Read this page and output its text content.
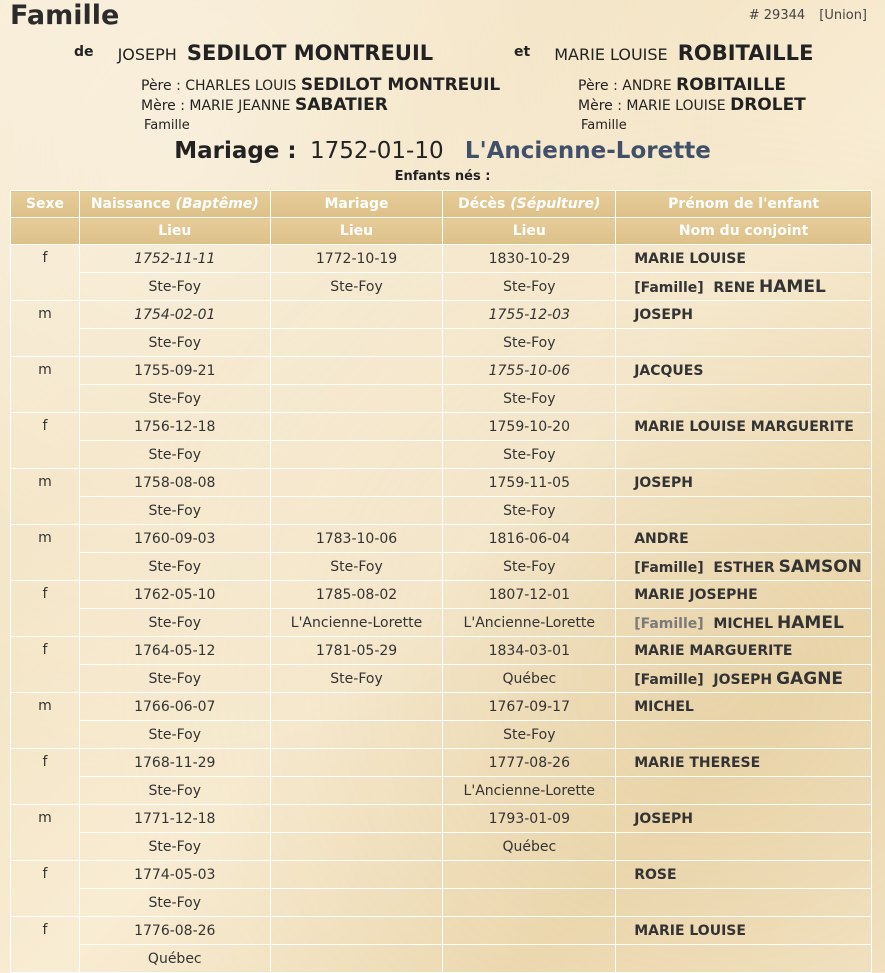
Famille	# 29344 [Union]
$^{de}$ JOSEPH SEDILOT MONTREUIL	$^{et}$ MARIE LOUISE ROBITAILLE
Père : CHARLES LOUIS SEDILOT MONTREUIL
Mère : MARIE JEANNE SABATIER
Famille
Père : ANDRE ROBITAILLE
Mère : MARIE LOUISE DROLET
Famille
Mariage : 1752-01-10 L'Ancienne-Lorette
Enfants nés :
Sexe	Naissance (Baptême)	Mariage	Décès (Sépulture)	Prénom de l'enfant
	Lieu	Lieu	Lieu	Nom du conjoint
f	1752-11-11	1772-10-19	1830-10-29	MARIE LOUISE
	Ste-Foy	Ste-Foy	Ste-Foy	[Famille] RENE HAMEL
m	1754-02-01		1755-12-03	JOSEPH
	Ste-Foy		Ste-Foy	
m	1755-09-21		1755-10-06	JACQUES
	Ste-Foy		Ste-Foy	
f	1756-12-18		1759-10-20	MARIE LOUISE MARGUERITE
	Ste-Foy		Ste-Foy	
m	1758-08-08		1759-11-05	JOSEPH
	Ste-Foy		Ste-Foy	
m	1760-09-03	1783-10-06	1816-06-04	ANDRE
	Ste-Foy	Ste-Foy	Ste-Foy	[Famille] ESTHER SAMSON
f	1762-05-10	1785-08-02	1807-12-01	MARIE JOSEPHE
	Ste-Foy	L'Ancienne-Lorette	L'Ancienne-Lorette	[Famille] MICHEL HAMEL
f	1764-05-12	1781-05-29	1834-03-01	MARIE MARGUERITE
	Ste-Foy	Ste-Foy	Québec	[Famille] JOSEPH GAGNE
m	1766-06-07		1767-09-17	MICHEL
	Ste-Foy		Ste-Foy	
f	1768-11-29		1777-08-26	MARIE THERESE
	Ste-Foy		L'Ancienne-Lorette	
m	1771-12-18		1793-01-09	JOSEPH
	Ste-Foy		Québec	
f	1774-05-03			ROSE
	Ste-Foy			
f	1776-08-26			MARIE LOUISE
	Québec			
